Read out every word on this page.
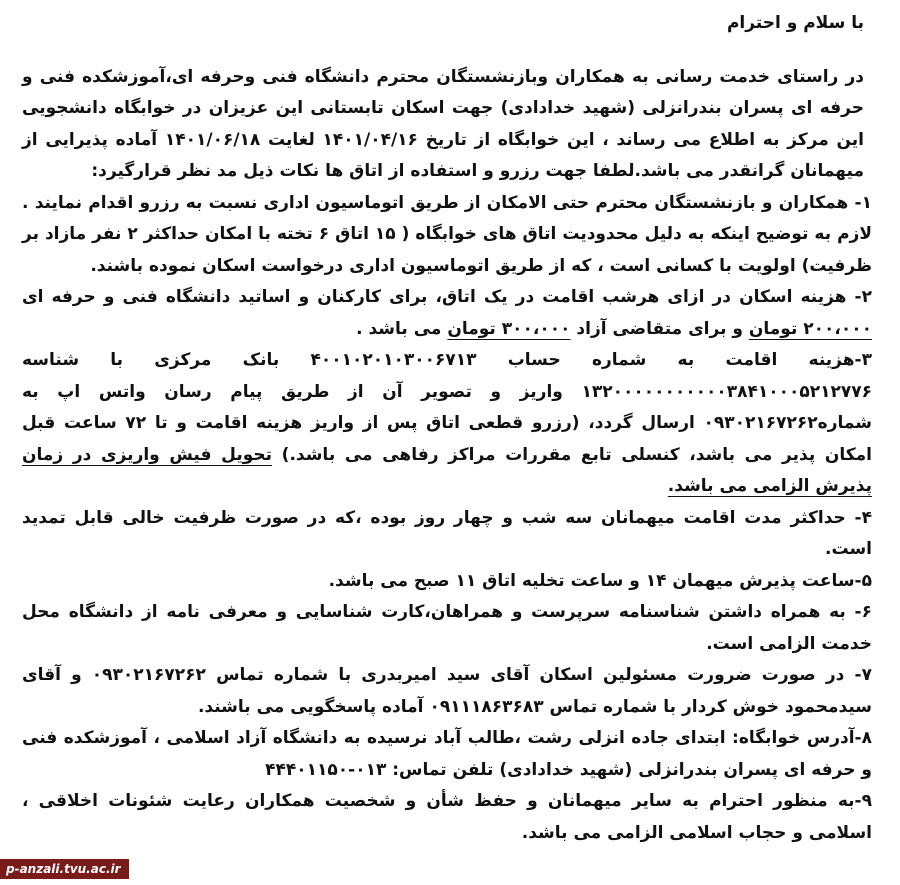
با سلام و احترام

در راستای خدمت رسانی به همکاران وبازنشستگان محترم دانشگاه فنی وحرفه ای،آموزشکده فنی و حرفه ای پسران بندرانزلی (شهید خدادادی) جهت اسکان تابستانی این عزیزان در خوابگاه دانشجویی این مرکز به اطلاع می رساند ، این خوابگاه از تاریخ ۱۴۰۱/۰۴/۱۶ لغایت ۱۴۰۱/۰۶/۱۸ آماده پذیرایی از میهمانان گرانقدر می باشد.لطفا جهت رزرو و استفاده از اتاق ها نکات ذیل مد نظر قرارگیرد:

۱- همکاران و بازنشستگان محترم حتی الامکان از طریق اتوماسیون اداری نسبت به رزرو اقدام نمایند . لازم به توضیح اینکه به دلیل محدودیت اتاق های خوابگاه ( ۱۵ اتاق ۶ تخته با امکان حداکثر ۲ نفر مازاد بر ظرفیت) اولویت با کسانی است ، که از طریق اتوماسیون اداری درخواست اسکان نموده باشند.

۲- هزینه اسکان در ازای هرشب اقامت در یک اتاق، برای کارکنان و اساتید دانشگاه فنی و حرفه ای ۲۰۰،۰۰۰ تومان و برای متقاضی آزاد ۳۰۰،۰۰۰ تومان می باشد .

۳-هزینه اقامت به شماره حساب ۴۰۰۱۰۲۰۱۰۳۰۰۶۷۱۳ بانک مرکزی با شناسه ۱۳۲۰۰۰۰۰۰۰۰۰۰۰۳۸۴۱۰۰۰۵۲۱۲۷۷۶ واریز و تصویر آن از طریق پیام رسان واتس اپ به شماره۰۹۳۰۲۱۶۷۲۶۲ ارسال گردد، (رزرو قطعی اتاق پس از واریز هزینه اقامت و تا ۷۲ ساعت قبل امکان پذیر می باشد، کنسلی تابع مقررات مراکز رفاهی می باشد.) تحویل فیش واریزی در زمان پذیرش الزامی می باشد.

۴- حداکثر مدت اقامت میهمانان سه شب و چهار روز بوده ،که در صورت ظرفیت خالی قابل تمدید است.

۵-ساعت پذیرش میهمان ۱۴ و ساعت تخلیه اتاق ۱۱ صبح می باشد.

۶- به همراه داشتن شناسنامه سرپرست و همراهان،کارت شناسایی و معرفی نامه از دانشگاه محل خدمت الزامی است.

۷- در صورت ضرورت مسئولین اسکان آقای سید امیربدری با شماره تماس ۰۹۳۰۲۱۶۷۲۶۲ و آقای سیدمحمود خوش کردار با شماره تماس ۰۹۱۱۱۸۶۳۶۸۳ آماده پاسخگویی می باشند.

۸-آدرس خوابگاه: ابتدای جاده انزلی رشت ،طالب آباد نرسیده به دانشگاه آزاد اسلامی ، آموزشکده فنی و حرفه ای پسران بندرانزلی (شهید خدادادی) تلفن تماس: ۰۱۳-۴۴۴۰۱۱۵۰

۹-به منظور احترام به سایر میهمانان و حفظ شأن و شخصیت همکاران رعایت شئونات اخلاقی ، اسلامی و حجاب اسلامی الزامی می باشد.

p-anzali.tvu.ac.ir
